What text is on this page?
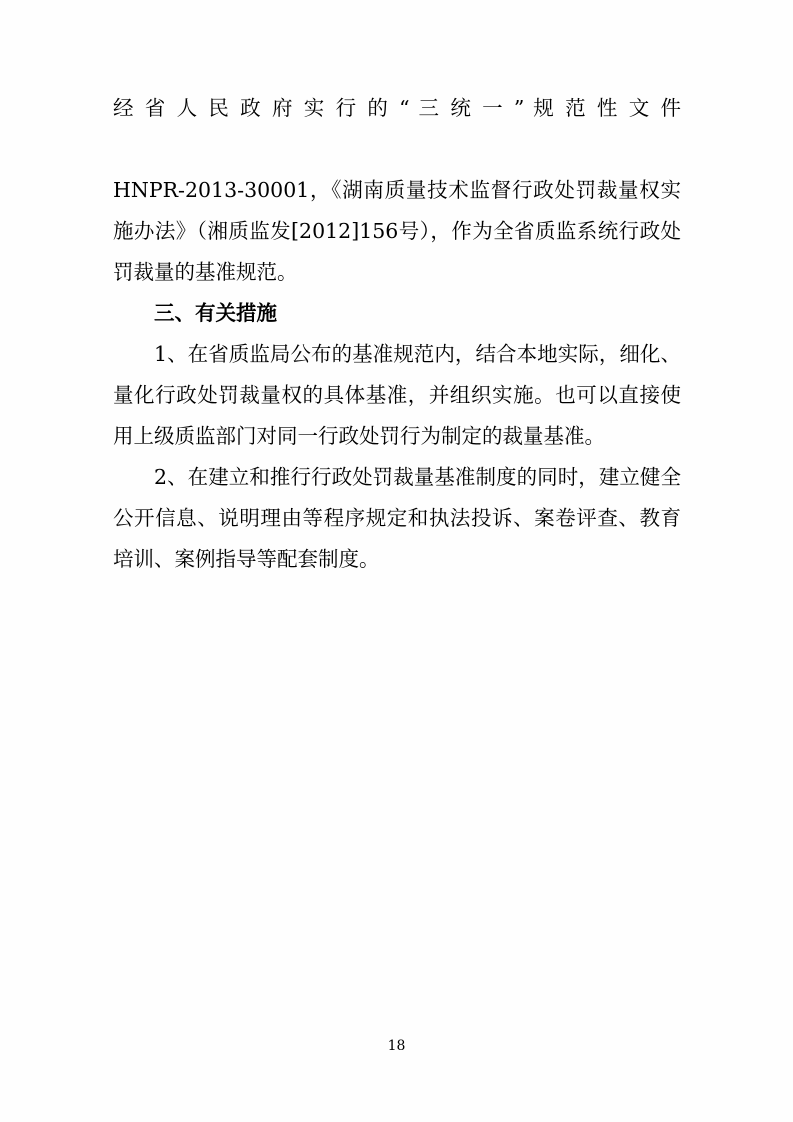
经 省 人 民 政 府 实 行 的 “ 三 统 一 ” 规 范 性 文 件
HNPR-2013-30001，《湖南质量技术监督行政处罚裁量权实施办法》（湘质监发[2012]156号），作为全省质监系统行政处罚裁量的基准规范。

三、有关措施

1、在省质监局公布的基准规范内，结合本地实际，细化、量化行政处罚裁量权的具体基准，并组织实施。也可以直接使用上级质监部门对同一行政处罚行为制定的裁量基准。

2、在建立和推行行政处罚裁量基准制度的同时，建立健全公开信息、说明理由等程序规定和执法投诉、案卷评查、教育培训、案例指导等配套制度。

18
